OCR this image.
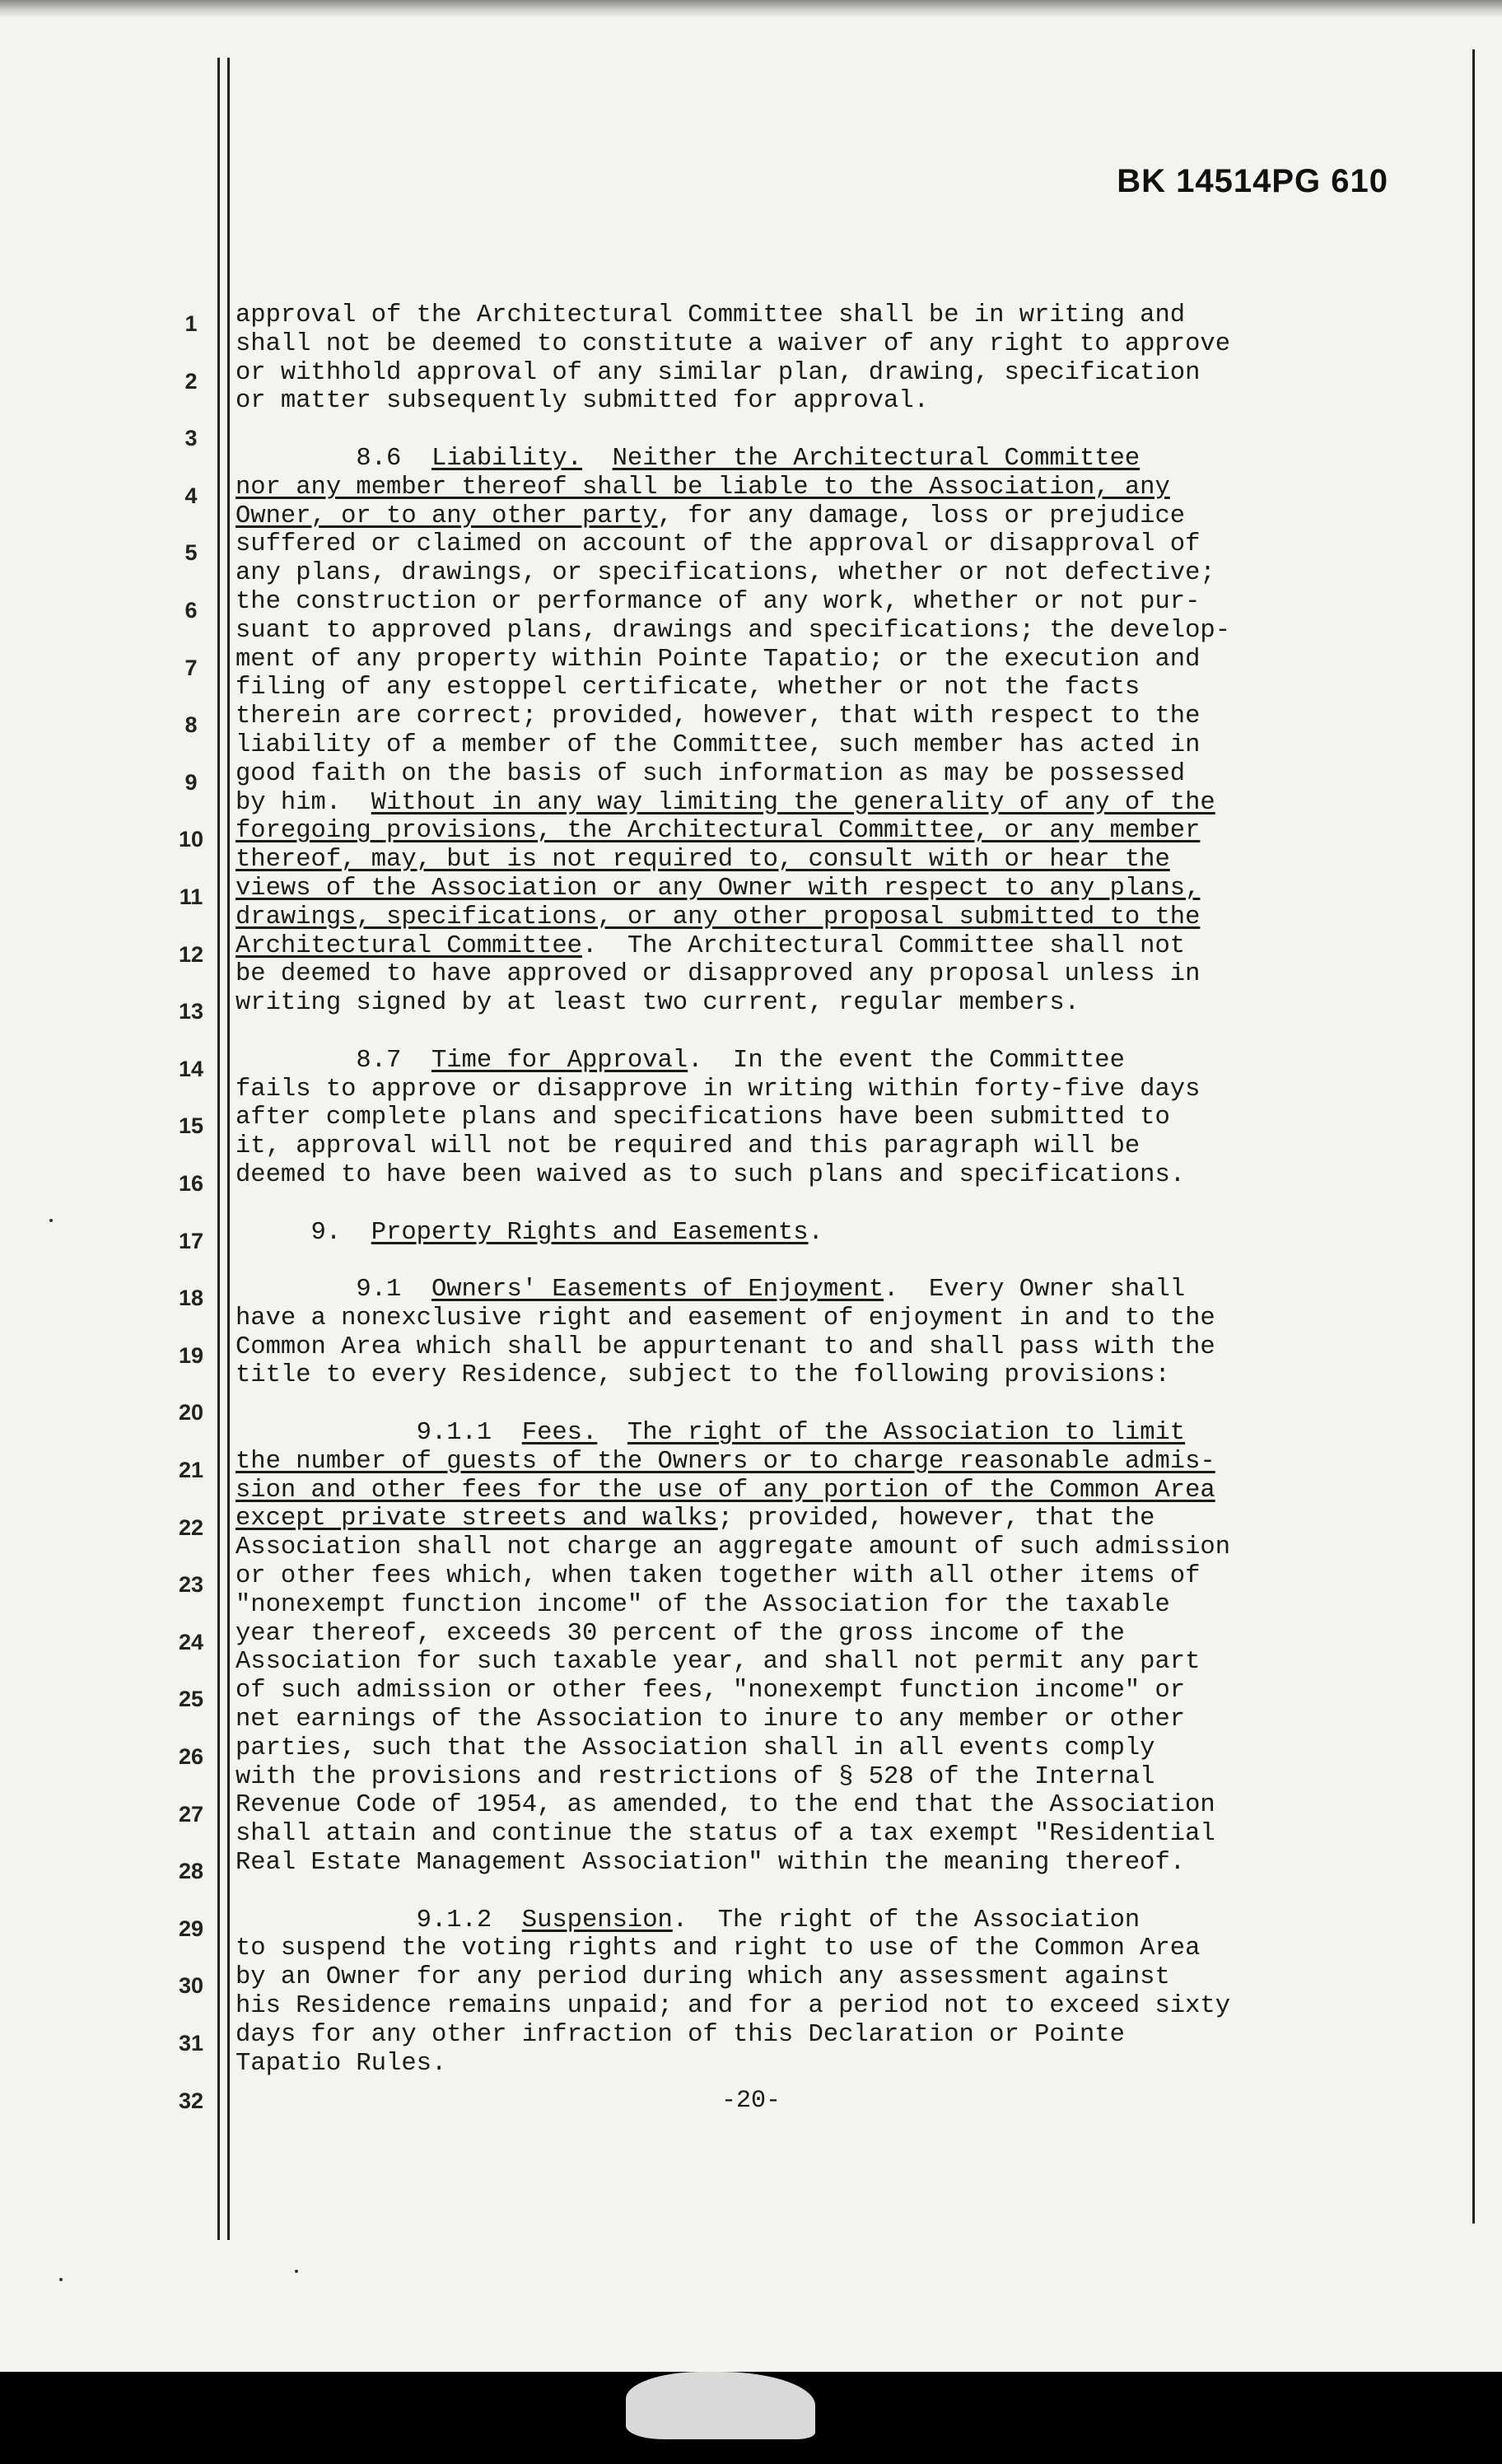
BK 14514PG 610
1
2
3
4
5
6
7
8
9
10
11
12
13
14
15
16
17
18
19
20
21
22
23
24
25
26
27
28
29
30
31
32
approval of the Architectural Committee shall be in writing and
shall not be deemed to constitute a waiver of any right to approve
or withhold approval of any similar plan, drawing, specification
or matter subsequently submitted for approval.
8.6  Liability. Neither the Architectural Committee
nor any member thereof shall be liable to the Association, any
Owner, or to any other party, for any damage, loss or prejudice
suffered or claimed on account of the approval or disapproval of
any plans, drawings, or specifications, whether or not defective;
the construction or performance of any work, whether or not pur-
suant to approved plans, drawings and specifications; the develop-
ment of any property within Pointe Tapatio; or the execution and
filing of any estoppel certificate, whether or not the facts
therein are correct; provided, however, that with respect to the
liability of a member of the Committee, such member has acted in
good faith on the basis of such information as may be possessed
by him.  Without in any way limiting the generality of any of the
foregoing provisions, the Architectural Committee, or any member
thereof, may, but is not required to, consult with or hear the
views of the Association or any Owner with respect to any plans,
drawings, specifications, or any other proposal submitted to the
Architectural Committee.  The Architectural Committee shall not
be deemed to have approved or disapproved any proposal unless in
writing signed by at least two current, regular members.
8.7  Time for Approval.  In the event the Committee
fails to approve or disapprove in writing within forty-five days
after complete plans and specifications have been submitted to
it, approval will not be required and this paragraph will be
deemed to have been waived as to such plans and specifications.
9.  Property Rights and Easements.
9.1  Owners' Easements of Enjoyment.  Every Owner shall
have a nonexclusive right and easement of enjoyment in and to the
Common Area which shall be appurtenant to and shall pass with the
title to every Residence, subject to the following provisions:
9.1.1  Fees. The right of the Association to limit
the number of guests of the Owners or to charge reasonable admis-
sion and other fees for the use of any portion of the Common Area
except private streets and walks; provided, however, that the
Association shall not charge an aggregate amount of such admission
or other fees which, when taken together with all other items of
"nonexempt function income" of the Association for the taxable
year thereof, exceeds 30 percent of the gross income of the
Association for such taxable year, and shall not permit any part
of such admission or other fees, "nonexempt function income" or
net earnings of the Association to inure to any member or other
parties, such that the Association shall in all events comply
with the provisions and restrictions of § 528 of the Internal
Revenue Code of 1954, as amended, to the end that the Association
shall attain and continue the status of a tax exempt "Residential
Real Estate Management Association" within the meaning thereof.
9.1.2  Suspension.  The right of the Association
to suspend the voting rights and right to use of the Common Area
by an Owner for any period during which any assessment against
his Residence remains unpaid; and for a period not to exceed sixty
days for any other infraction of this Declaration or Pointe
Tapatio Rules.
-20-
